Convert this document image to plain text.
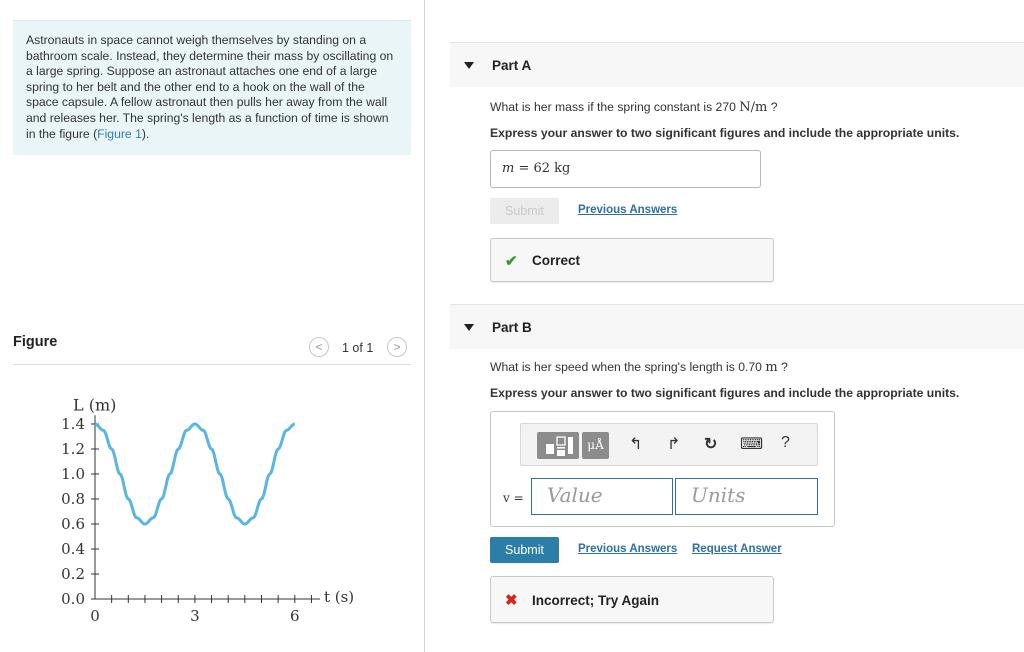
Astronauts in space cannot weigh themselves by standing on a bathroom scale. Instead, they determine their mass by oscillating on a large spring. Suppose an astronaut attaches one end of a large spring to her belt and the other end to a hook on the wall of the space capsule. A fellow astronaut then pulls her away from the wall and releases her. The spring's length as a function of time is shown in the figure (Figure 1).
Figure	<	1 of 1	>
0.0
0.2
0.4
0.6
0.8
1.0
1.2
1.4
0	3	6
L (m)
t (s)
Part A
What is her mass if the spring constant is 270 N/m ?
Express your answer to two significant figures and include the appropriate units.
m = 62 kg
Submit	Previous Answers
✔ Correct
Part B
What is her speed when the spring's length is 0.70 m ?
Express your answer to two significant figures and include the appropriate units.
μÅ	↰ ↱ ↻ ⌨ ?
v =	Value	Units
Submit	Previous Answers Request Answer
✖ Incorrect; Try Again
